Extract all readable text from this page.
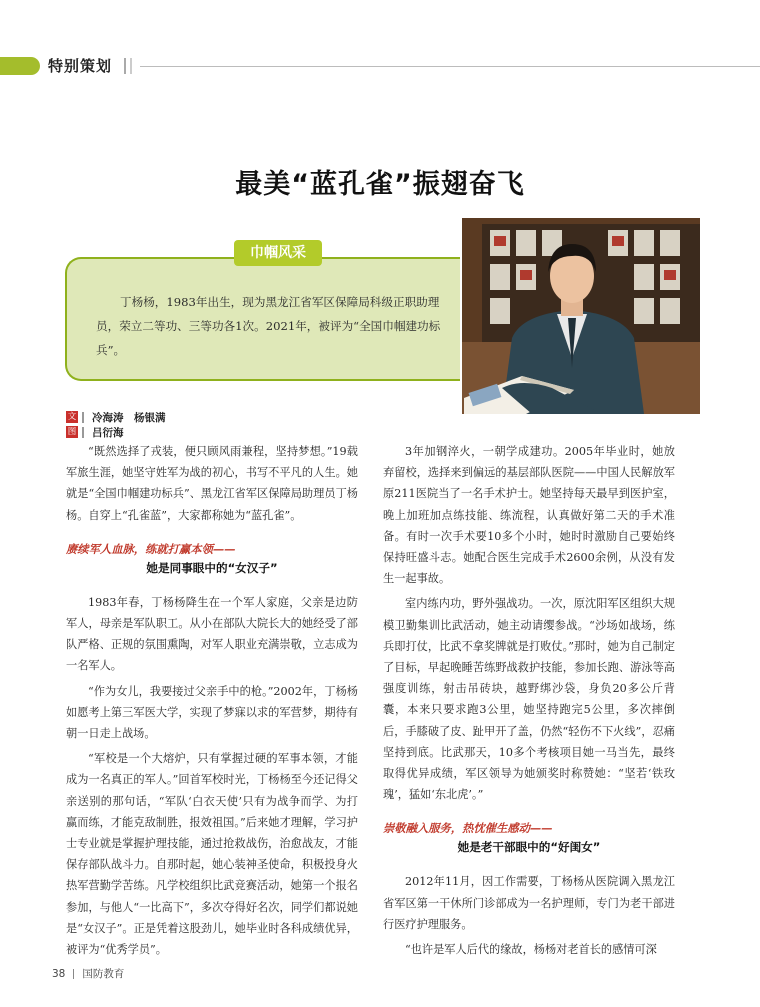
特别策划
最美“蓝孔雀”振翅奋飞
巾帼风采

丁杨杨，1983年出生，现为黑龙江省军区保障局科级正职助理员，荣立二等功、三等功各1次。2021年，被评为“全国巾帼建功标兵”。

文 冷海涛　杨银满
图 吕衍海

“既然选择了戎装，便只顾风雨兼程，坚持梦想。”19载军旅生涯，她坚守姓军为战的初心，书写不平凡的人生。她就是“全国巾帼建功标兵”、黑龙江省军区保障局助理员丁杨杨。自穿上“孔雀蓝”，大家都称她为“蓝孔雀”。

赓续军人血脉，练就打赢本领——
她是同事眼中的“女汉子”

1983年春，丁杨杨降生在一个军人家庭，父亲是边防军人，母亲是军队职工。从小在部队大院长大的她经受了部队严格、正规的氛围熏陶，对军人职业充满崇敬，立志成为一名军人。

“作为女儿，我要接过父亲手中的枪。”2002年，丁杨杨如愿考上第三军医大学，实现了梦寐以求的军营梦，期待有朝一日走上战场。

“军校是一个大熔炉，只有掌握过硬的军事本领，才能成为一名真正的军人。”回首军校时光，丁杨杨至今还记得父亲送别的那句话，“军队‘白衣天使’只有为战争而学、为打赢而练，才能克敌制胜，报效祖国。”后来她才理解，学习护士专业就是掌握护理技能，通过抢救战伤，治愈战友，才能保存部队战斗力。自那时起，她心装神圣使命，积极投身火热军营勤学苦练。凡学校组织比武竞赛活动，她第一个报名参加，与他人“一比高下”，多次夺得好名次，同学们都说她是“女汉子”。正是凭着这股劲儿，她毕业时各科成绩优异，被评为“优秀学员”。

3年加钢淬火，一朝学成建功。2005年毕业时，她放弃留校，选择来到偏远的基层部队医院——中国人民解放军原211医院当了一名手术护士。她坚持每天最早到医护室，晚上加班加点练技能、练流程，认真做好第二天的手术准备。有时一次手术要10多个小时，她时时激励自己要始终保持旺盛斗志。她配合医生完成手术2600余例，从没有发生一起事故。

室内练内功，野外强战功。一次，原沈阳军区组织大规模卫勤集训比武活动，她主动请缨参战。“沙场如战场，练兵即打仗，比武不拿奖牌就是打败仗。”那时，她为自己制定了目标，早起晚睡苦练野战救护技能，参加长跑、游泳等高强度训练，射击吊砖块，越野绑沙袋，身负20多公斤背囊，本来只要求跑3公里，她坚持跑完5公里，多次摔倒后，手膝破了皮、趾甲开了盖，仍然“轻伤不下火线”，忍痛坚持到底。比武那天，10多个考核项目她一马当先，最终取得优异成绩，军区领导为她颁奖时称赞她：“坚若‘铁玫瑰’，猛如‘东北虎’。”

崇敬融入服务，热忱催生感动——
她是老干部眼中的“好闺女”

2012年11月，因工作需要，丁杨杨从医院调入黑龙江省军区第一干休所门诊部成为一名护理师，专门为老干部进行医疗护理服务。

“也许是军人后代的缘故，杨杨对老首长的感情可深

38 国防教育
